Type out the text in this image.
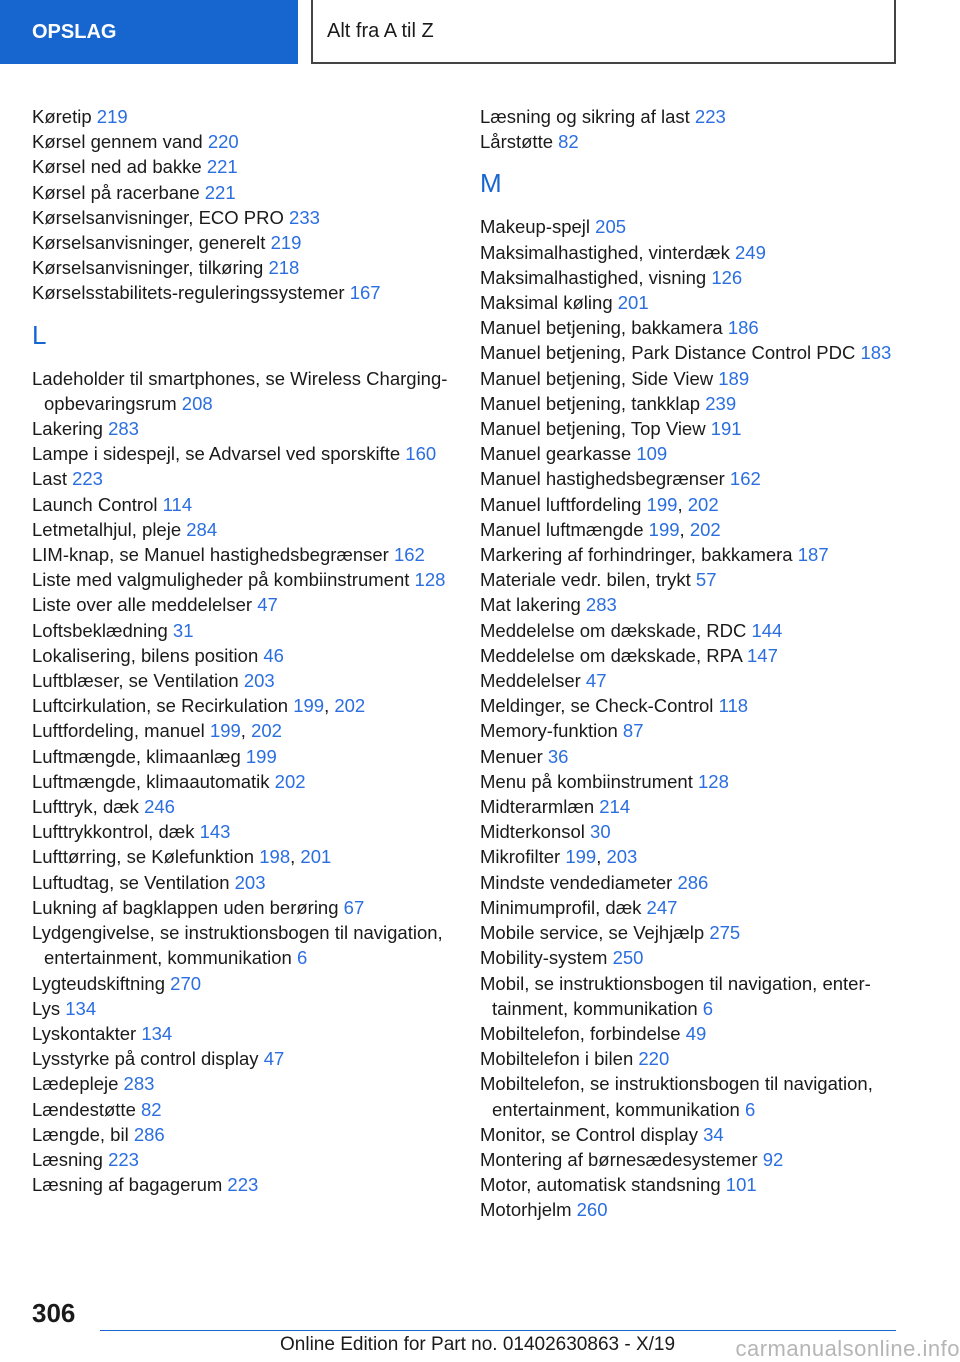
OPSLAG	Alt fra A til Z
Køretip 219
Kørsel gennem vand 220
Kørsel ned ad bakke 221
Kørsel på racerbane 221
Kørselsanvisninger, ECO PRO 233
Kørselsanvisninger, generelt 219
Kørselsanvisninger, tilkøring 218
Kørselsstabilitets-reguleringssystemer 167
L
Ladeholder til smartphones, se Wireless Charging-opbevaringsrum 208
Lakering 283
Lampe i sidespejl, se Advarsel ved sporskifte 160
Last 223
Launch Control 114
Letmetalhjul, pleje 284
LIM-knap, se Manuel hastighedsbegrænser 162
Liste med valgmuligheder på kombiinstrument 128
Liste over alle meddelelser 47
Loftsbeklædning 31
Lokalisering, bilens position 46
Luftblæser, se Ventilation 203
Luftcirkulation, se Recirkulation 199, 202
Luftfordeling, manuel 199, 202
Luftmængde, klimaanlæg 199
Luftmængde, klimaautomatik 202
Lufttryk, dæk 246
Lufttrykkontrol, dæk 143
Lufttørring, se Kølefunktion 198, 201
Luftudtag, se Ventilation 203
Lukning af bagklappen uden berøring 67
Lydgengivelse, se instruktionsbogen til navigation, entertainment, kommunikation 6
Lygteudskiftning 270
Lys 134
Lyskontakter 134
Lysstyrke på control display 47
Lædepleje 283
Lændestøtte 82
Længde, bil 286
Læsning 223
Læsning af bagagerum 223
Læsning og sikring af last 223
Lårstøtte 82
M
Makeup-spejl 205
Maksimalhastighed, vinterdæk 249
Maksimalhastighed, visning 126
Maksimal køling 201
Manuel betjening, bakkamera 186
Manuel betjening, Park Distance Control PDC 183
Manuel betjening, Side View 189
Manuel betjening, tankklap 239
Manuel betjening, Top View 191
Manuel gearkasse 109
Manuel hastighedsbegrænser 162
Manuel luftfordeling 199, 202
Manuel luftmængde 199, 202
Markering af forhindringer, bakkamera 187
Materiale vedr. bilen, trykt 57
Mat lakering 283
Meddelelse om dækskade, RDC 144
Meddelelse om dækskade, RPA 147
Meddelelser 47
Meldinger, se Check-Control 118
Memory-funktion 87
Menuer 36
Menu på kombiinstrument 128
Midterarmlæn 214
Midterkonsol 30
Mikrofilter 199, 203
Mindste vendediameter 286
Minimumprofil, dæk 247
Mobile service, se Vejhjælp 275
Mobility-system 250
Mobil, se instruktionsbogen til navigation, entertainment, kommunikation 6
Mobiltelefon, forbindelse 49
Mobiltelefon i bilen 220
Mobiltelefon, se instruktionsbogen til navigation, entertainment, kommunikation 6
Monitor, se Control display 34
Montering af børnesædesystemer 92
Motor, automatisk standsning 101
Motorhjelm 260
306
Online Edition for Part no. 01402630863 - X/19	carmanualsonline.info
